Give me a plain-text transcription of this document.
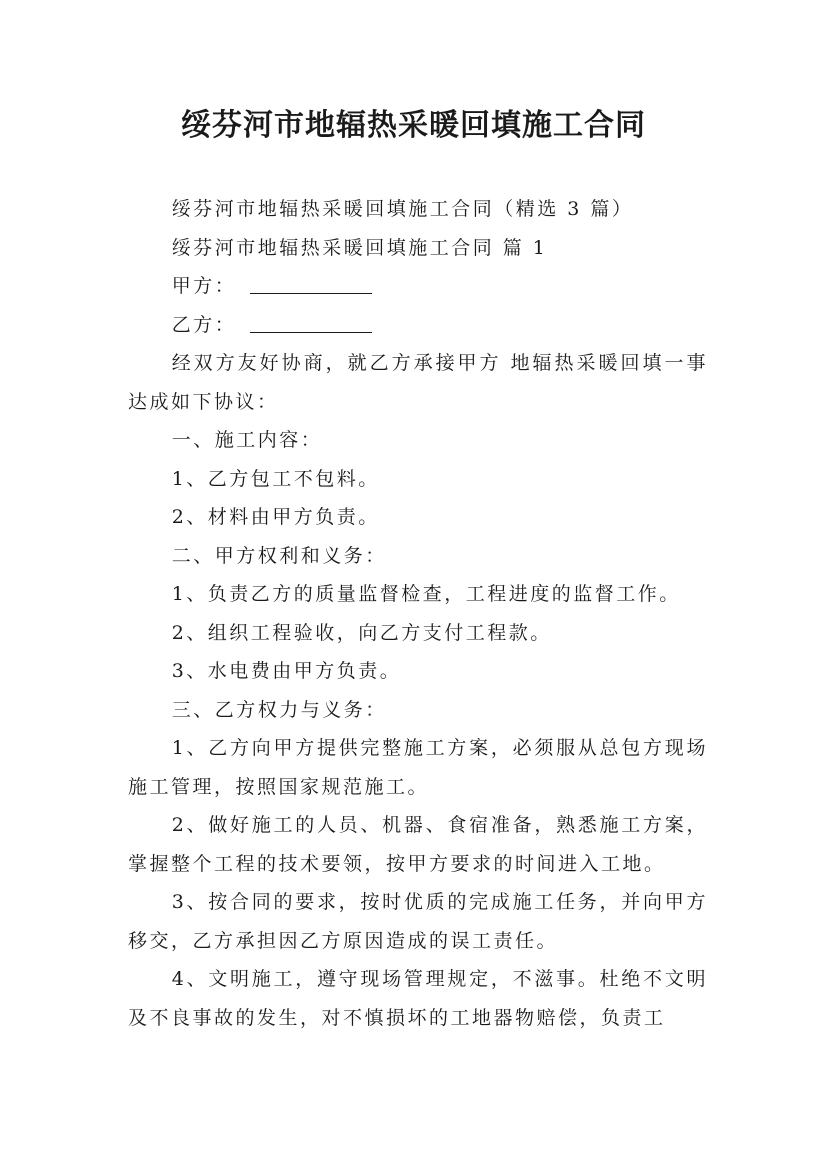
绥芬河市地辐热采暖回填施工合同

绥芬河市地辐热采暖回填施工合同（精选 3 篇）

绥芬河市地辐热采暖回填施工合同 篇 1

甲方：

乙方：

经双方友好协商，就乙方承接甲方 地辐热采暖回填一事达成如下协议：

一、施工内容：

1、乙方包工不包料。

2、材料由甲方负责。

二、甲方权利和义务：

1、负责乙方的质量监督检查，工程进度的监督工作。

2、组织工程验收，向乙方支付工程款。

3、水电费由甲方负责。

三、乙方权力与义务：

1、乙方向甲方提供完整施工方案，必须服从总包方现场施工管理，按照国家规范施工。

2、做好施工的人员、机器、食宿准备，熟悉施工方案，掌握整个工程的技术要领，按甲方要求的时间进入工地。

3、按合同的要求，按时优质的完成施工任务，并向甲方移交，乙方承担因乙方原因造成的误工责任。

4、文明施工，遵守现场管理规定，不滋事。杜绝不文明及不良事故的发生，对不慎损坏的工地器物赔偿，负责工
